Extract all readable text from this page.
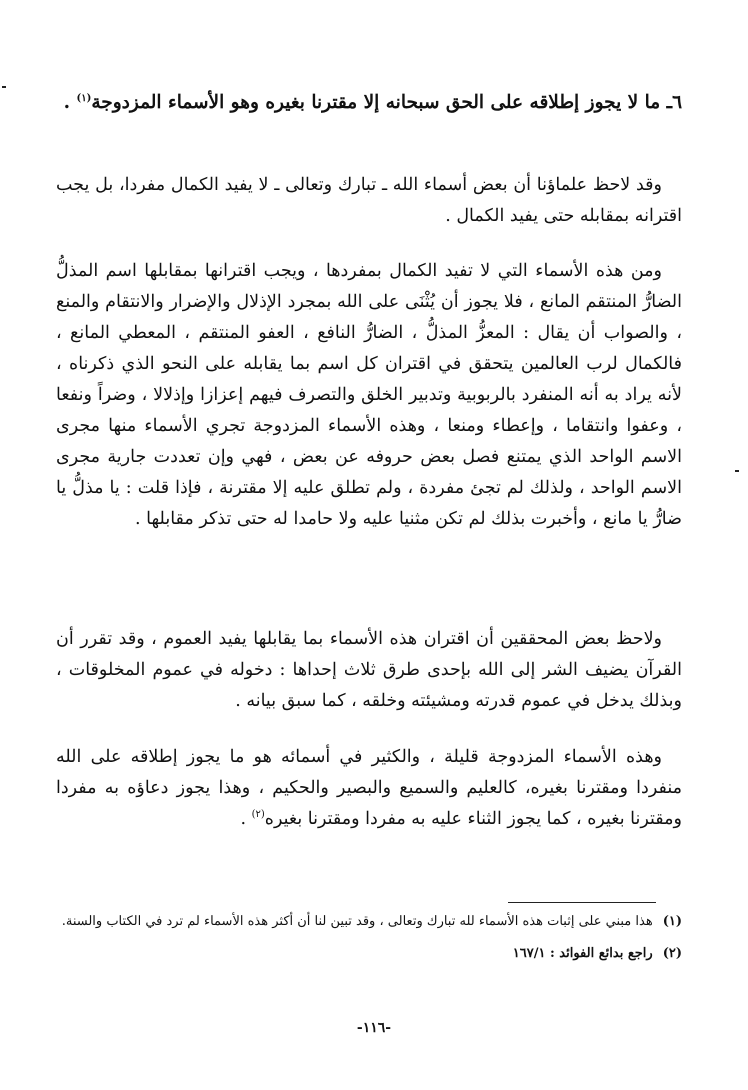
٦ـ ما لا يجوز إطلاقه على الحق سبحانه إلا مقترنا بغيره وهو الأسماء المزدوجة$^{(١)}$ .
وقد لاحظ علماؤنا أن بعض أسماء الله ـ تبارك وتعالى ـ لا يفيد الكمال مفردا، بل يجب اقترانه بمقابله حتى يفيد الكمال .
ومن هذه الأسماء التي لا تفيد الكمال بمفردها ، ويجب اقترانها بمقابلها اسم المذلُّ الضارُّ المنتقم المانع ، فلا يجوز أن يُثْنَى على الله بمجرد الإذلال والإضرار والانتقام والمنع ، والصواب أن يقال : المعزُّ المذلُّ ، الضارُّ النافع ، العفو المنتقم ، المعطي المانع ، فالكمال لرب العالمين يتحقق في اقتران كل اسم بما يقابله على النحو الذي ذكرناه ، لأنه يراد به أنه المنفرد بالربوبية وتدبير الخلق والتصرف فيهم إعزازا وإذلالا ، وضراً ونفعا ، وعفوا وانتقاما ، وإعطاء ومنعا ، وهذه الأسماء المزدوجة تجري الأسماء منها مجرى الاسم الواحد الذي يمتنع فصل بعض حروفه عن بعض ، فهي وإن تعددت جارية مجرى الاسم الواحد ، ولذلك لم تجئ مفردة ، ولم تطلق عليه إلا مقترنة ، فإذا قلت : يا مذلُّ يا ضارُّ يا مانع ، وأخبرت بذلك لم تكن مثنيا عليه ولا حامدا له حتى تذكر مقابلها .
ولاحظ بعض المحققين أن اقتران هذه الأسماء بما يقابلها يفيد العموم ، وقد تقرر أن القرآن يضيف الشر إلى الله بإحدى طرق ثلاث إحداها : دخوله في عموم المخلوقات ، وبذلك يدخل في عموم قدرته ومشيئته وخلقه ، كما سبق بيانه .
وهذه الأسماء المزدوجة قليلة ، والكثير في أسمائه هو ما يجوز إطلاقه على الله منفردا ومقترنا بغيره، كالعليم والسميع والبصير والحكيم ، وهذا يجوز دعاؤه به مفردا ومقترنا بغيره ، كما يجوز الثناء عليه به مفردا ومقترنا بغيره$^{(٢)}$ .
(١)هذا مبني على إثبات هذه الأسماء لله تبارك وتعالى ، وقد تبين لنا أن أكثر هذه الأسماء لم ترد في الكتاب والسنة.
(٢)راجع بدائع الفوائد : ١٦٧/١
-١١٦-
